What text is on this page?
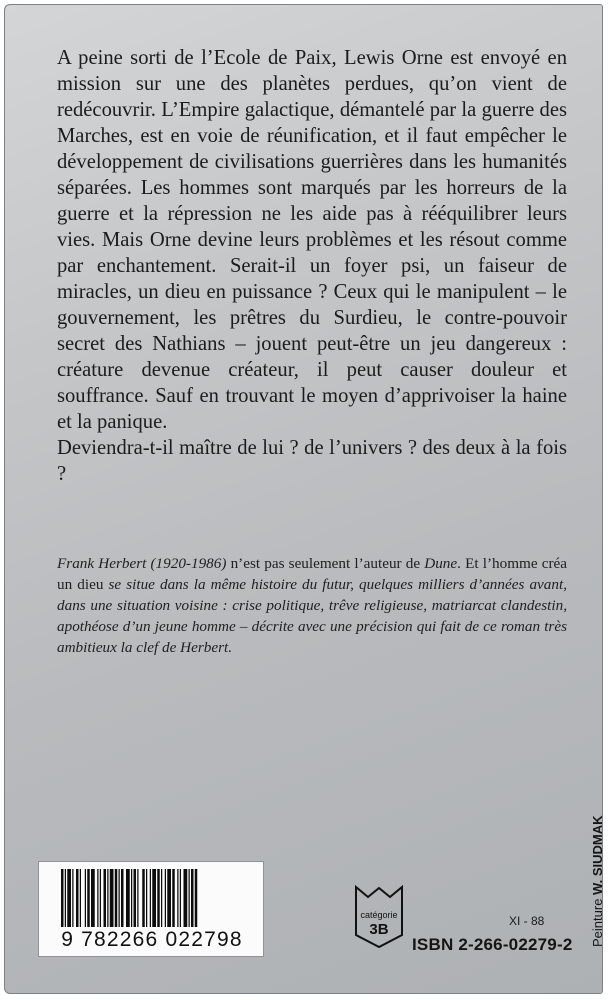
A peine sorti de l’Ecole de Paix, Lewis Orne est envoyé en mission sur une des planètes perdues, qu’on vient de redécouvrir. L’Empire galactique, démantelé par la guerre des Marches, est en voie de réunification, et il faut empêcher le développement de civilisations guerrières dans les humanités séparées. Les hommes sont marqués par les horreurs de la guerre et la répression ne les aide pas à rééquilibrer leurs vies. Mais Orne devine leurs problèmes et les résout comme par enchantement. Serait-il un foyer psi, un faiseur de miracles, un dieu en puissance ? Ceux qui le manipulent – le gouvernement, les prêtres du Surdieu, le contre-pouvoir secret des Nathians – jouent peut-être un jeu dangereux : créature devenue créateur, il peut causer douleur et souffrance. Sauf en trouvant le moyen d’apprivoiser la haine et la panique.

Deviendra-t-il maître de lui ? de l’univers ? des deux à la fois ?

Frank Herbert (1920-1986) n’est pas seulement l’auteur de Dune. Et l’homme créa un dieu se situe dans la même histoire du futur, quelques milliers d’années avant, dans une situation voisine : crise politique, trêve religieuse, matriarcat clandestin, apothéose d’un jeune homme – décrite avec une précision qui fait de ce roman très ambitieux la clef de Herbert.

9 782266 022798
catégorie
3B	XI - 88
ISBN 2-266-02279-2 Peinture W. SIUDMAK
